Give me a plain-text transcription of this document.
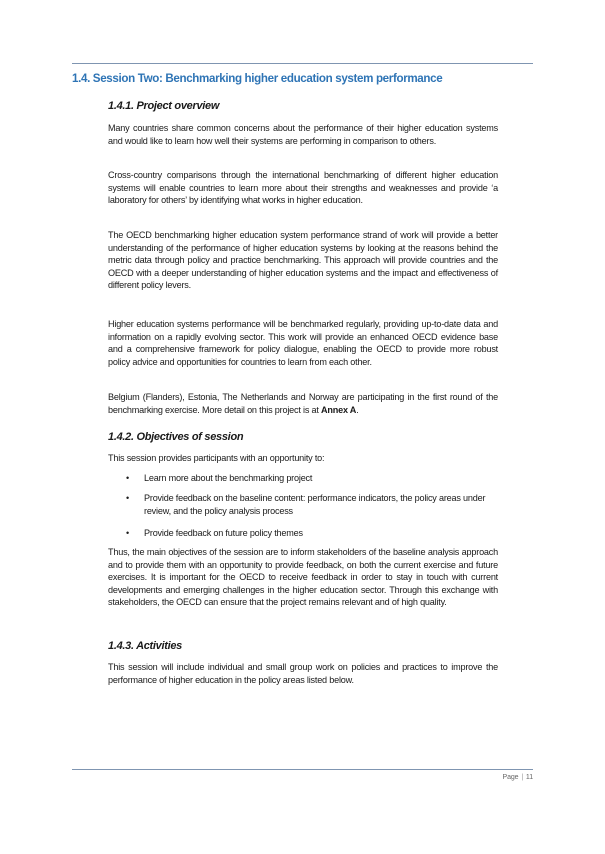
1.4. Session Two: Benchmarking higher education system performance
1.4.1. Project overview

Many countries share common concerns about the performance of their higher education systems and would like to learn how well their systems are performing in comparison to others.

Cross-country comparisons through the international benchmarking of different higher education systems will enable countries to learn more about their strengths and weaknesses and provide ‘a laboratory for others’ by identifying what works in higher education.

The OECD benchmarking higher education system performance strand of work will provide a better understanding of the performance of higher education systems by looking at the reasons behind the metric data through policy and practice benchmarking. This approach will provide countries and the OECD with a deeper understanding of higher education systems and the impact and effectiveness of different policy levers.

Higher education systems performance will be benchmarked regularly, providing up-to-date data and information on a rapidly evolving sector. This work will provide an enhanced OECD evidence base and a comprehensive framework for policy dialogue, enabling the OECD to provide more robust policy advice and opportunities for countries to learn from each other.

Belgium (Flanders), Estonia, The Netherlands and Norway are participating in the first round of the benchmarking exercise. More detail on this project is at Annex A.

1.4.2. Objectives of session

This session provides participants with an opportunity to:

•	Learn more about the benchmarking project
•	Provide feedback on the baseline content: performance indicators, the policy areas under review, and the policy analysis process
•	Provide feedback on future policy themes

Thus, the main objectives of the session are to inform stakeholders of the baseline analysis approach and to provide them with an opportunity to provide feedback, on both the current exercise and future exercises. It is important for the OECD to receive feedback in order to stay in touch with current developments and emerging challenges in the higher education sector. Through this exchange with stakeholders, the OECD can ensure that the project remains relevant and of high quality.

1.4.3. Activities

This session will include individual and small group work on policies and practices to improve the performance of higher education in the policy areas listed below.

Page | 11
